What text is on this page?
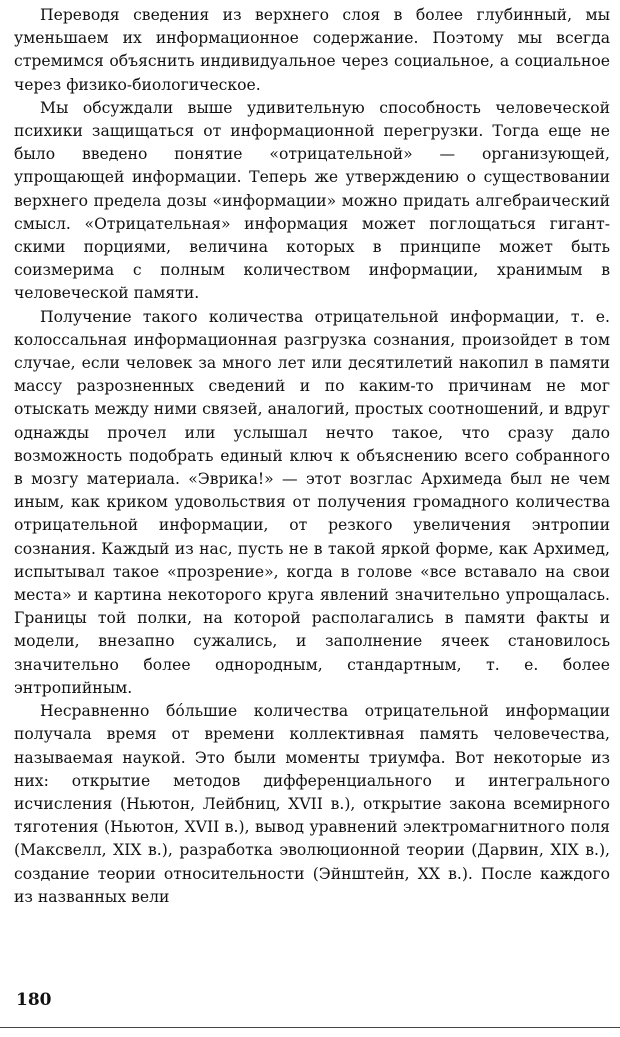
Переводя сведения из верхнего слоя в более глубинный, мы уменьшаем их информационное содержание. Поэтому мы всегда стремимся объяснить индивидуальное через социальное, а социальное через физико-биологическое.

Мы обсуждали выше удивительную способность человеческой психики защищаться от информационной перегрузки. Тогда еще не было введено понятие «отрицательной» — организующей, упрощающей информации. Теперь же утверждению о существовании верхнего предела дозы «информации» можно придать алгебраический смысл. «Отрицательная» информация может поглощаться гигантскими порциями, величина которых в принципе может быть соизмерима с полным количеством информации, хранимым в человеческой памяти.

Получение такого количества отрицательной информации, т. е. колоссальная информационная разгрузка сознания, произойдет в том случае, если человек за много лет или десятилетий накопил в памяти массу разрозненных сведений и по каким-то причинам не мог отыскать между ними связей, аналогий, простых соотношений, и вдруг однажды прочел или услышал нечто такое, что сразу дало возможность подобрать единый ключ к объяснению всего собранного в мозгу материала. «Эврика!» — этот возглас Архимеда был не чем иным, как криком удовольствия от получения громадного количества отрицательной информации, от резкого увеличения энтропии сознания. Каждый из нас, пусть не в такой яркой форме, как Архимед, испытывал такое «прозрение», когда в голове «все вставало на свои места» и картина некоторого круга явлений значительно упрощалась. Границы той полки, на которой располагались в памяти факты и модели, внезапно сужались, и заполнение ячеек становилось значительно более однородным, стандартным, т. е. более энтропийным.

Несравненно бо́льшие количества отрицательной информации получала время от времени коллективная память человечества, называемая наукой. Это были моменты триумфа. Вот некоторые из них: открытие методов дифференциального и интегрального исчисления (Ньютон, Лейбниц, XVII в.), открытие закона всемирного тяготения (Ньютон, XVII в.), вывод уравнений электромагнитного поля (Максвелл, XIX в.), разработка эволюционной теории (Дарвин, XIX в.), создание теории относительности (Эйнштейн, XX в.). После каждого из названных вели

180
